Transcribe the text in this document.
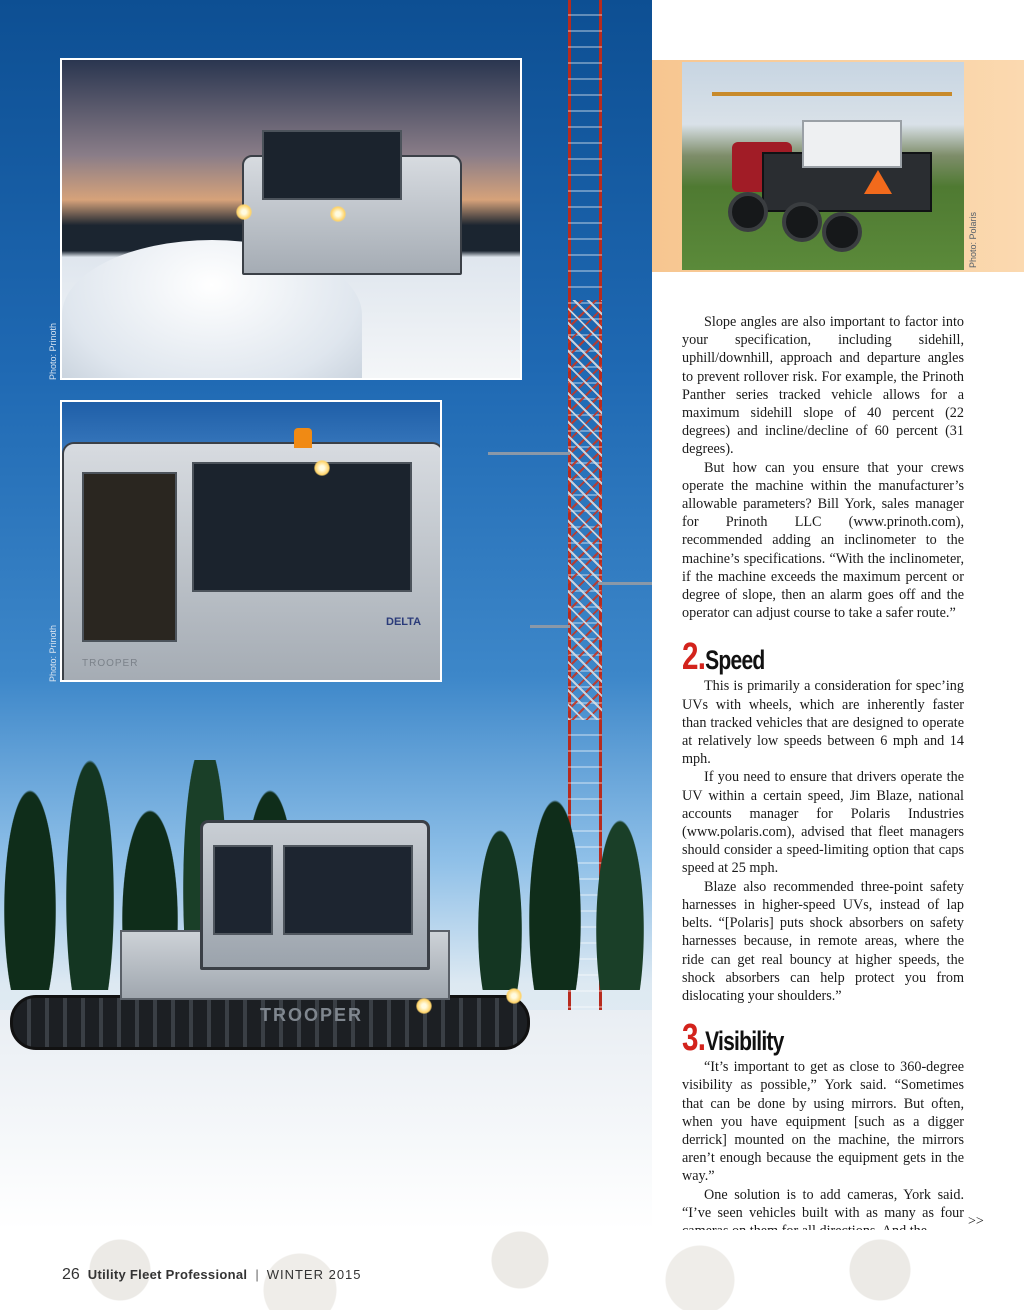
TROOPER
Photo: Prinoth
DELTA
TROOPER
Photo: Prinoth
Photo: Polaris

Slope angles are also important to factor into your specification, including sidehill, uphill/downhill, approach and departure angles to prevent rollover risk. For example, the Prinoth Panther series tracked vehicle allows for a maximum sidehill slope of 40 percent (22 degrees) and incline/decline of 60 percent (31 degrees).

But how can you ensure that your crews operate the machine within the manufacturer’s allowable parameters? Bill York, sales manager for Prinoth LLC (www.prinoth.com), recommended adding an inclinometer to the machine’s specifications. “With the inclinometer, if the machine exceeds the maximum percent or degree of slope, then an alarm goes off and the operator can adjust course to take a safer route.”

2.Speed

This is primarily a consideration for spec’ing UVs with wheels, which are inherently faster than tracked vehicles that are designed to operate at relatively low speeds between 6 mph and 14 mph.

If you need to ensure that drivers operate the UV within a certain speed, Jim Blaze, national accounts manager for Polaris Industries (www.polaris.com), advised that fleet managers should consider a speed-limiting option that caps speed at 25 mph.

Blaze also recommended three-point safety harnesses in higher-speed UVs, instead of lap belts. “[Polaris] puts shock absorbers on safety harnesses because, in remote areas, where the ride can get real bouncy at higher speeds, the shock absorbers can help protect you from dislocating your shoulders.”

3.Visibility

“It’s important to get as close to 360-degree visibility as possible,” York said. “Sometimes that can be done by using mirrors. But often, when you have equipment [such as a digger derrick] mounted on the machine, the mirrors aren’t enough because the equipment gets in the way.”

One solution is to add cameras, York said. “I’ve seen vehicles built with as many as four

>>
26 Utility Fleet Professional | WINTER 2015
